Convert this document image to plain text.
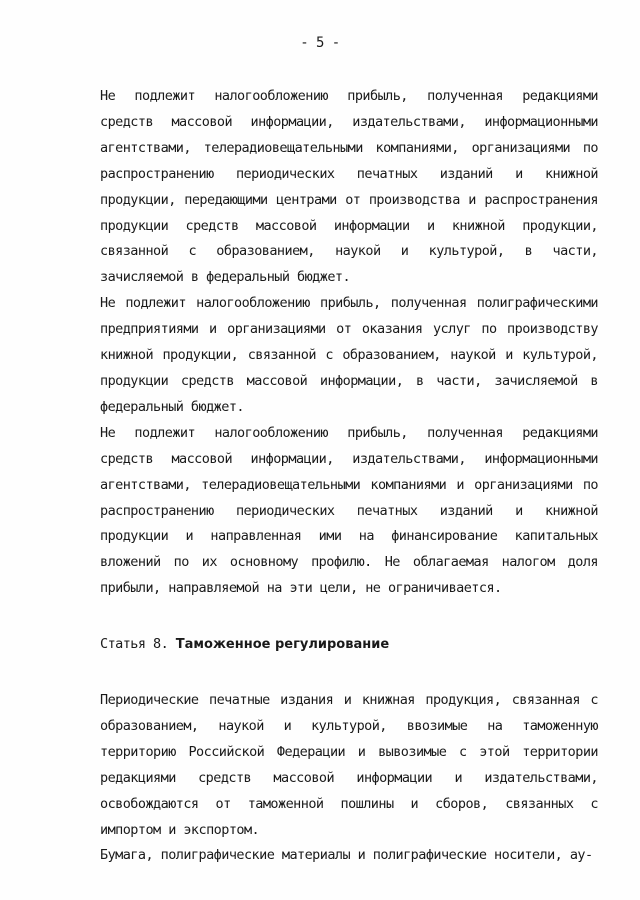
- 5 -

Не подлежит налогообложению прибыль, полученная редакциями средств массовой информации, издательствами, информационными агентствами, телерадиовещательными компаниями, организациями по распространению периодических печатных изданий и книжной продукции, передающими центрами от производства и распространения продукции средств массовой информации и книжной продукции, связанной с образованием, наукой и культурой, в части, зачисляемой в федеральный бюджет.

Не подлежит налогообложению прибыль, полученная полиграфическими предприятиями и организациями от оказания услуг по производству книжной продукции, связанной с образованием, наукой и культурой, продукции средств массовой информации, в части, зачисляемой в федеральный бюджет.

Не подлежит налогообложению прибыль, полученная редакциями средств массовой информации, издательствами, информационными агентствами, телерадиовещательными компаниями и организациями по распространению периодических печатных изданий и книжной продукции и направленная ими на финансирование капитальных вложений по их основному профилю. Не облагаемая налогом доля прибыли, направляемой на эти цели, не ограничивается.

Статья 8. Таможенное регулирование

Периодические печатные издания и книжная продукция, связанная с образованием, наукой и культурой, ввозимые на таможенную территорию Российской Федерации и вывозимые с этой территории редакциями средств массовой информации и издательствами, освобождаются от таможенной пошлины и сборов, связанных с импортом и экспортом.

Бумага, полиграфические материалы и полиграфические носители, ау-
